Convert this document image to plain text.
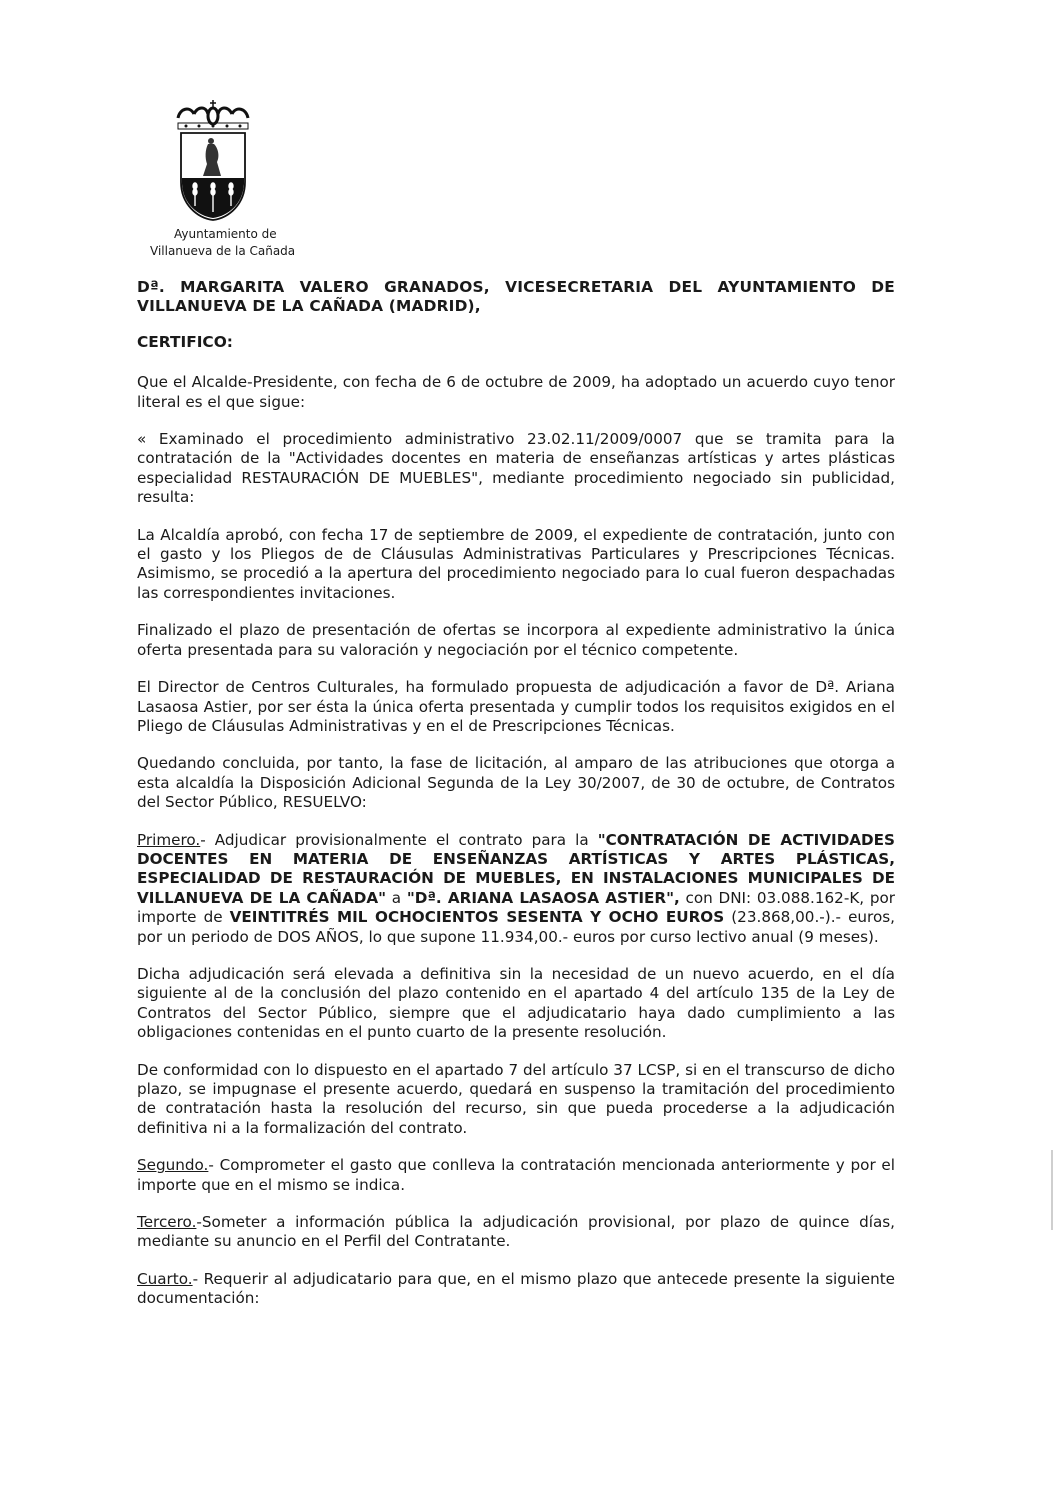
Ayuntamiento de
Villanueva de la Cañada

Dª. MARGARITA VALERO GRANADOS, VICESECRETARIA DEL AYUNTAMIENTO DE VILLANUEVA DE LA CAÑADA (MADRID),

CERTIFICO:

Que el Alcalde-Presidente, con fecha de 6 de octubre de 2009, ha adoptado un acuerdo cuyo tenor literal es el que sigue:

« Examinado el procedimiento administrativo 23.02.11/2009/0007 que se tramita para la contratación de la "Actividades docentes en materia de enseñanzas artísticas y artes plásticas especialidad RESTAURACIÓN DE MUEBLES", mediante procedimiento negociado sin publicidad, resulta:

La Alcaldía aprobó, con fecha 17 de septiembre de 2009, el expediente de contratación, junto con el gasto y los Pliegos de de Cláusulas Administrativas Particulares y Prescripciones Técnicas. Asimismo, se procedió a la apertura del procedimiento negociado para lo cual fueron despachadas las correspondientes invitaciones.

Finalizado el plazo de presentación de ofertas se incorpora al expediente administrativo la única oferta presentada para su valoración y negociación por el técnico competente.

El Director de Centros Culturales, ha formulado propuesta de adjudicación a favor de Dª. Ariana Lasaosa Astier, por ser ésta la única oferta presentada y cumplir todos los requisitos exigidos en el Pliego de Cláusulas Administrativas y en el de Prescripciones Técnicas.

Quedando concluida, por tanto, la fase de licitación, al amparo de las atribuciones que otorga a esta alcaldía la Disposición Adicional Segunda de la Ley 30/2007, de 30 de octubre, de Contratos del Sector Público, RESUELVO:

Primero.- Adjudicar provisionalmente el contrato para la "CONTRATACIÓN DE ACTIVIDADES DOCENTES EN MATERIA DE ENSEÑANZAS ARTÍSTICAS Y ARTES PLÁSTICAS, ESPECIALIDAD DE RESTAURACIÓN DE MUEBLES, EN INSTALACIONES MUNICIPALES DE VILLANUEVA DE LA CAÑADA" a "Dª. ARIANA LASAOSA ASTIER", con DNI: 03.088.162-K, por importe de VEINTITRÉS MIL OCHOCIENTOS SESENTA Y OCHO EUROS (23.868,00.-).- euros, por un periodo de DOS AÑOS, lo que supone 11.934,00.- euros por curso lectivo anual (9 meses).

Dicha adjudicación será elevada a definitiva sin la necesidad de un nuevo acuerdo, en el día siguiente al de la conclusión del plazo contenido en el apartado 4 del artículo 135 de la Ley de Contratos del Sector Público, siempre que el adjudicatario haya dado cumplimiento a las obligaciones contenidas en el punto cuarto de la presente resolución.

De conformidad con lo dispuesto en el apartado 7 del artículo 37 LCSP, si en el transcurso de dicho plazo, se impugnase el presente acuerdo, quedará en suspenso la tramitación del procedimiento de contratación hasta la resolución del recurso, sin que pueda procederse a la adjudicación definitiva ni a la formalización del contrato.

Segundo.- Comprometer el gasto que conlleva la contratación mencionada anteriormente y por el importe que en el mismo se indica.

Tercero.-Someter a información pública la adjudicación provisional, por plazo de quince días, mediante su anuncio en el Perfil del Contratante.

Cuarto.- Requerir al adjudicatario para que, en el mismo plazo que antecede presente la siguiente documentación:
